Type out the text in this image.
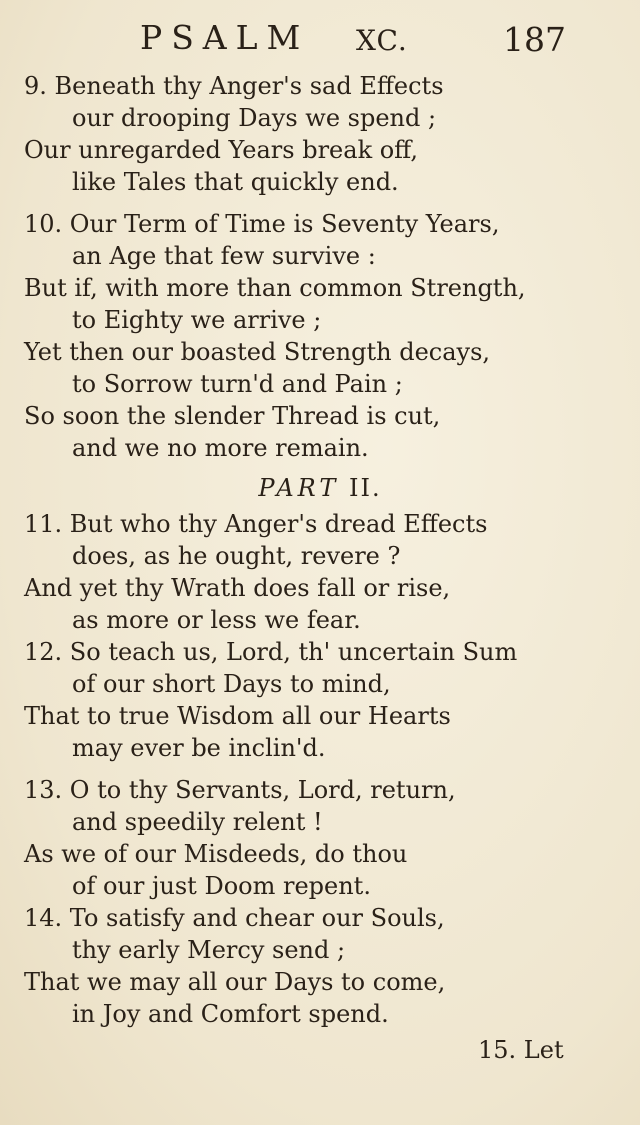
PSALM XC.	187
9. Beneath thy Anger's sad Effects
our drooping Days we spend ;
Our unregarded Years break off,
like Tales that quickly end.
10. Our Term of Time is Seventy Years,
an Age that few survive :
But if, with more than common Strength,
to Eighty we arrive ;
Yet then our boasted Strength decays,
to Sorrow turn'd and Pain ;
So soon the slender Thread is cut,
and we no more remain.
PART II.
11. But who thy Anger's dread Effects
does, as he ought, revere ?
And yet thy Wrath does fall or rise,
as more or less we fear.
12. So teach us, Lord, th' uncertain Sum
of our short Days to mind,
That to true Wisdom all our Hearts
may ever be inclin'd.
13. O to thy Servants, Lord, return,
and speedily relent !
As we of our Misdeeds, do thou
of our just Doom repent.
14. To satisfy and chear our Souls,
thy early Mercy send ;
That we may all our Days to come,
in Joy and Comfort spend.
15. Let
